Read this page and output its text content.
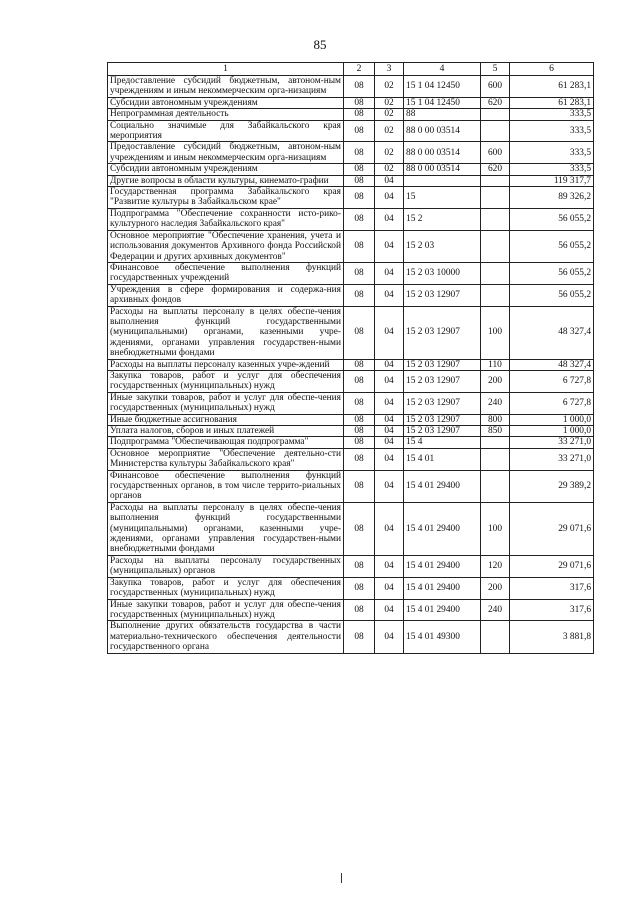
85
1	2	3	4	5	6
Предоставление субсидий бюджетным, автоном-ным учреждениям и иным некоммерческим орга-низациям	08	02	15 1 04 12450	600	61 283,1
Субсидии автономным учреждениям	08	02	15 1 04 12450	620	61 283,1
Непрограммная деятельность	08	02	88		333,5
Социально значимые для Забайкальского края мероприятия	08	02	88 0 00 03514		333,5
Предоставление субсидий бюджетным, автоном-ным учреждениям и иным некоммерческим орга-низациям	08	02	88 0 00 03514	600	333,5
Субсидии автономным учреждениям	08	02	88 0 00 03514	620	333,5
Другие вопросы в области культуры, кинемато-графии	08	04			119 317,7
Государственная программа Забайкальского края "Развитие культуры в Забайкальском крае"	08	04	15		89 326,2
Подпрограмма "Обеспечение сохранности исто-рико-культурного наследия Забайкальского края"	08	04	15 2		56 055,2
Основное мероприятие "Обеспечение хранения, учета и использования документов Архивного фонда Российской Федерации и других архивных документов"	08	04	15 2 03		56 055,2
Финансовое обеспечение выполнения функций государственных учреждений	08	04	15 2 03 10000		56 055,2
Учреждения в сфере формирования и содержа-ния архивных фондов	08	04	15 2 03 12907		56 055,2
Расходы на выплаты персоналу в целях обеспе-чения выполнения функций государственными (муниципальными) органами, казенными учре-ждениями, органами управления государствен-ными внебюджетными фондами	08	04	15 2 03 12907	100	48 327,4
Расходы на выплаты персоналу казенных учре-ждений	08	04	15 2 03 12907	110	48 327,4
Закупка товаров, работ и услуг для обеспечения государственных (муниципальных) нужд	08	04	15 2 03 12907	200	6 727,8
Иные закупки товаров, работ и услуг для обеспе-чения государственных (муниципальных) нужд	08	04	15 2 03 12907	240	6 727,8
Иные бюджетные ассигнования	08	04	15 2 03 12907	800	1 000,0
Уплата налогов, сборов и иных платежей	08	04	15 2 03 12907	850	1 000,0
Подпрограмма "Обеспечивающая подпрограмма"	08	04	15 4		33 271,0
Основное мероприятие "Обеспечение деятельно-сти Министерства культуры Забайкальского края"	08	04	15 4 01		33 271,0
Финансовое обеспечение выполнения функций государственных органов, в том числе террито-риальных органов	08	04	15 4 01 29400		29 389,2
Расходы на выплаты персоналу в целях обеспе-чения выполнения функций государственными (муниципальными) органами, казенными учре-ждениями, органами управления государствен-ными внебюджетными фондами	08	04	15 4 01 29400	100	29 071,6
Расходы на выплаты персоналу государственных (муниципальных) органов	08	04	15 4 01 29400	120	29 071,6
Закупка товаров, работ и услуг для обеспечения государственных (муниципальных) нужд	08	04	15 4 01 29400	200	317,6
Иные закупки товаров, работ и услуг для обеспе-чения государственных (муниципальных) нужд	08	04	15 4 01 29400	240	317,6
Выполнение других обязательств государства в части материально-технического обеспечения деятельности государственного органа	08	04	15 4 01 49300		3 881,8
